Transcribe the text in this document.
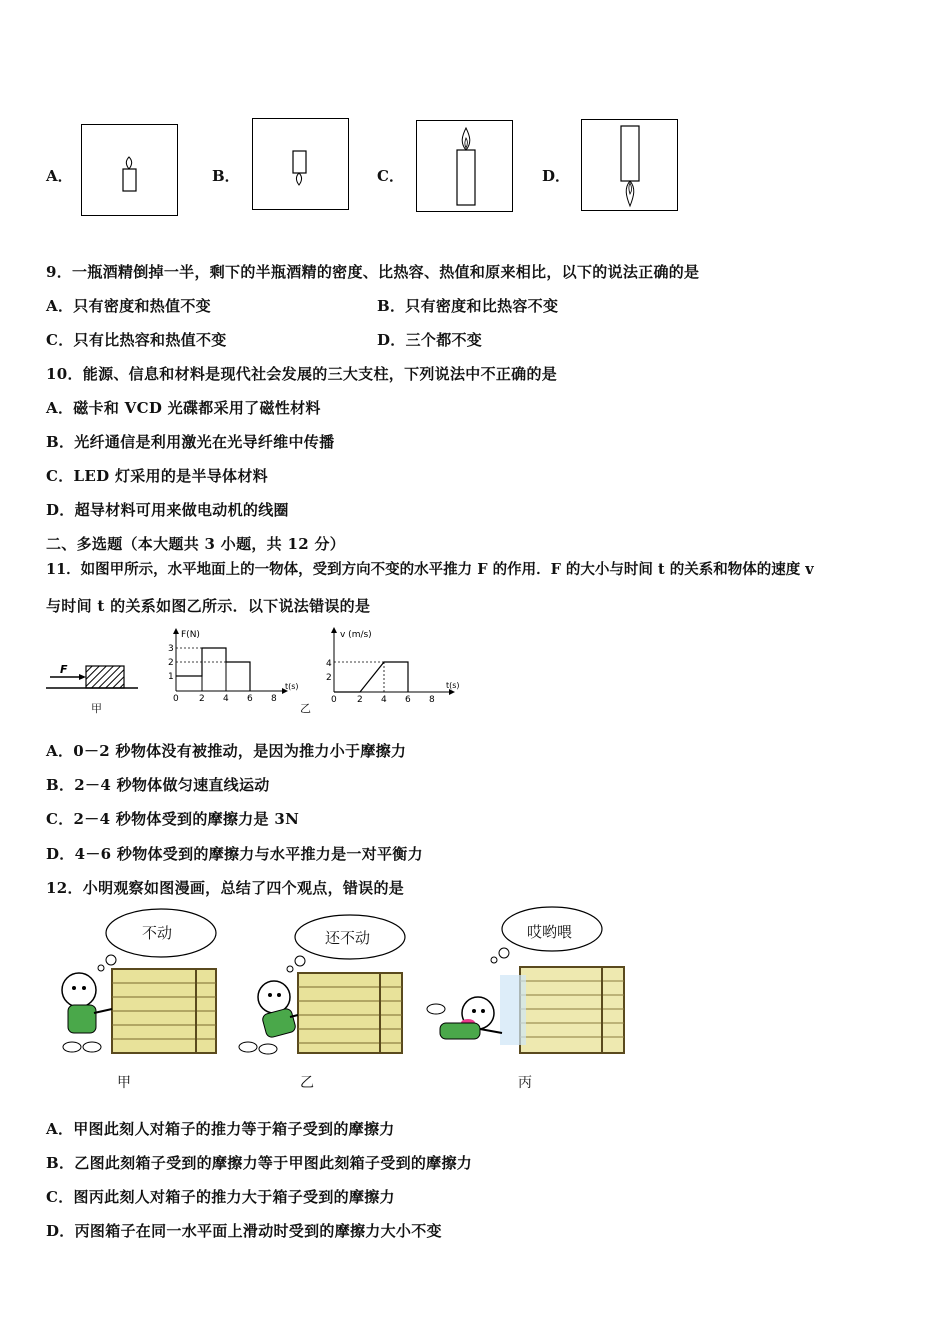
A．	B．	C．	D．
9．一瓶酒精倒掉一半，剩下的半瓶酒精的密度、比热容、热值和原来相比，以下的说法正确的是
A．只有密度和热值不变	B．只有密度和比热容不变
C．只有比热容和热值不变	D．三个都不变
10．能源、信息和材料是现代社会发展的三大支柱，下列说法中不正确的是
A．磁卡和 VCD 光碟都采用了磁性材料
B．光纤通信是利用激光在光导纤维中传播
C．LED 灯采用的是半导体材料
D．超导材料可用来做电动机的线圈
二、多选题（本大题共 3 小题，共 12 分）
11．如图甲所示，水平地面上的一物体，受到方向不变的水平推力 F 的作用．F 的大小与时间 t 的关系和物体的速度 v
与时间 t 的关系如图乙所示．以下说法错误的是
F
甲
F(N)
t(s)
3
2
1
0 2 4 6 8
乙
v (m/s)
t(s)
4
2
0 2 4 6 8
A．0－2 秒物体没有被推动，是因为推力小于摩擦力
B．2－4 秒物体做匀速直线运动
C．2－4 秒物体受到的摩擦力是 3N
D．4－6 秒物体受到的摩擦力与水平推力是一对平衡力
12．小明观察如图漫画，总结了四个观点，错误的是
不动
甲
还不动
乙
哎哟喂
丙
A．甲图此刻人对箱子的推力等于箱子受到的摩擦力
B．乙图此刻箱子受到的摩擦力等于甲图此刻箱子受到的摩擦力
C．图丙此刻人对箱子的推力大于箱子受到的摩擦力
D．丙图箱子在同一水平面上滑动时受到的摩擦力大小不变
